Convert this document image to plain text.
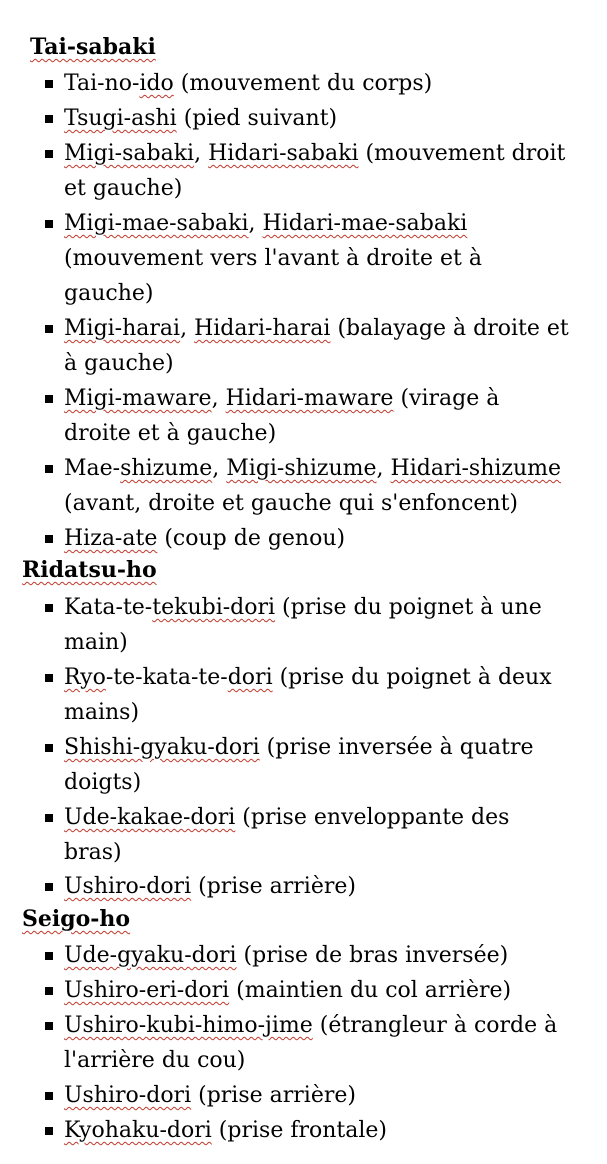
Tai-sabaki
Tai-no-ido (mouvement du corps)
Tsugi-ashi (pied suivant)
Migi-sabaki, Hidari-sabaki (mouvement droit et gauche)
Migi-mae-sabaki, Hidari-mae-sabaki (mouvement vers l'avant à droite et à gauche)
Migi-harai, Hidari-harai (balayage à droite et à gauche)
Migi-maware, Hidari-maware (virage à droite et à gauche)
Mae-shizume, Migi-shizume, Hidari-shizume (avant, droite et gauche qui s'enfoncent)
Hiza-ate (coup de genou)
Ridatsu-ho
Kata-te-tekubi-dori (prise du poignet à une main)
Ryo-te-kata-te-dori (prise du poignet à deux mains)
Shishi-gyaku-dori (prise inversée à quatre doigts)
Ude-kakae-dori (prise enveloppante des bras)
Ushiro-dori (prise arrière)
Seigo-ho
Ude-gyaku-dori (prise de bras inversée)
Ushiro-eri-dori (maintien du col arrière)
Ushiro-kubi-himo-jime (étrangleur à corde à l'arrière du cou)
Ushiro-dori (prise arrière)
Kyohaku-dori (prise frontale)
